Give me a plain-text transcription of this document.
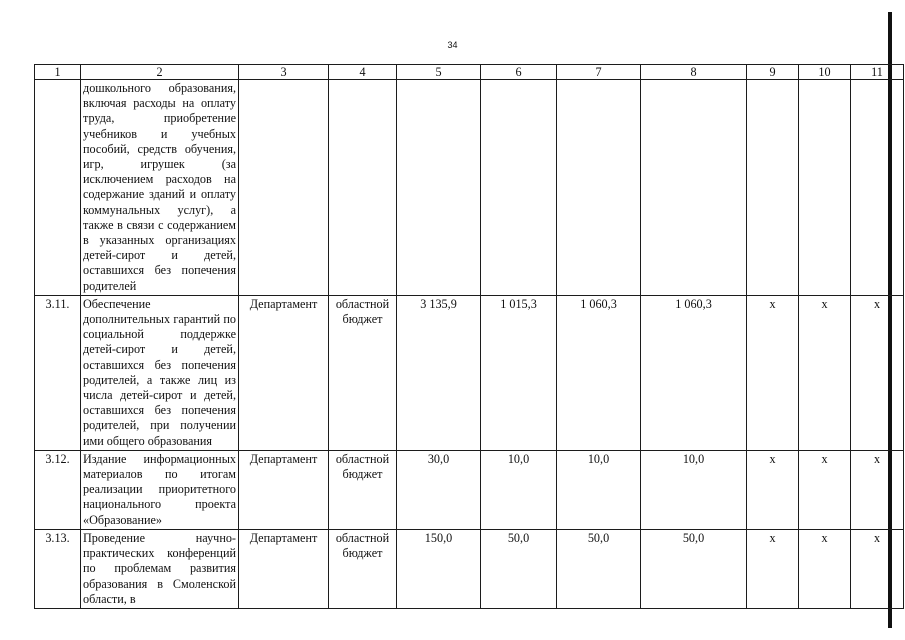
34
1	2	3	4	5	6	7	8	9	10	11
	дошкольного образования, включая расходы на оплату труда, приобретение учебников и учебных пособий, средств обучения, игр, игрушек (за исключением расходов на содержание зданий и оплату коммунальных услуг), а также в связи с содержанием в указанных организациях детей-сирот и детей, оставшихся без попечения родителей									
3.11.	Обеспечение дополнительных гарантий по социальной поддержке детей-сирот и детей, оставшихся без попечения родителей, а также лиц из числа детей-сирот и детей, оставшихся без попечения родителей, при получении ими общего образования	Департамент	областной бюджет	3 135,9	1 015,3	1 060,3	1 060,3	х	х	х
3.12.	Издание информационных материалов по итогам реализации приоритетного национального проекта «Образование»	Департамент	областной бюджет	30,0	10,0	10,0	10,0	х	х	х
3.13.	Проведение научно-практических конференций по проблемам развития образования в Смоленской области, в	Департамент	областной бюджет	150,0	50,0	50,0	50,0	х	х	х
